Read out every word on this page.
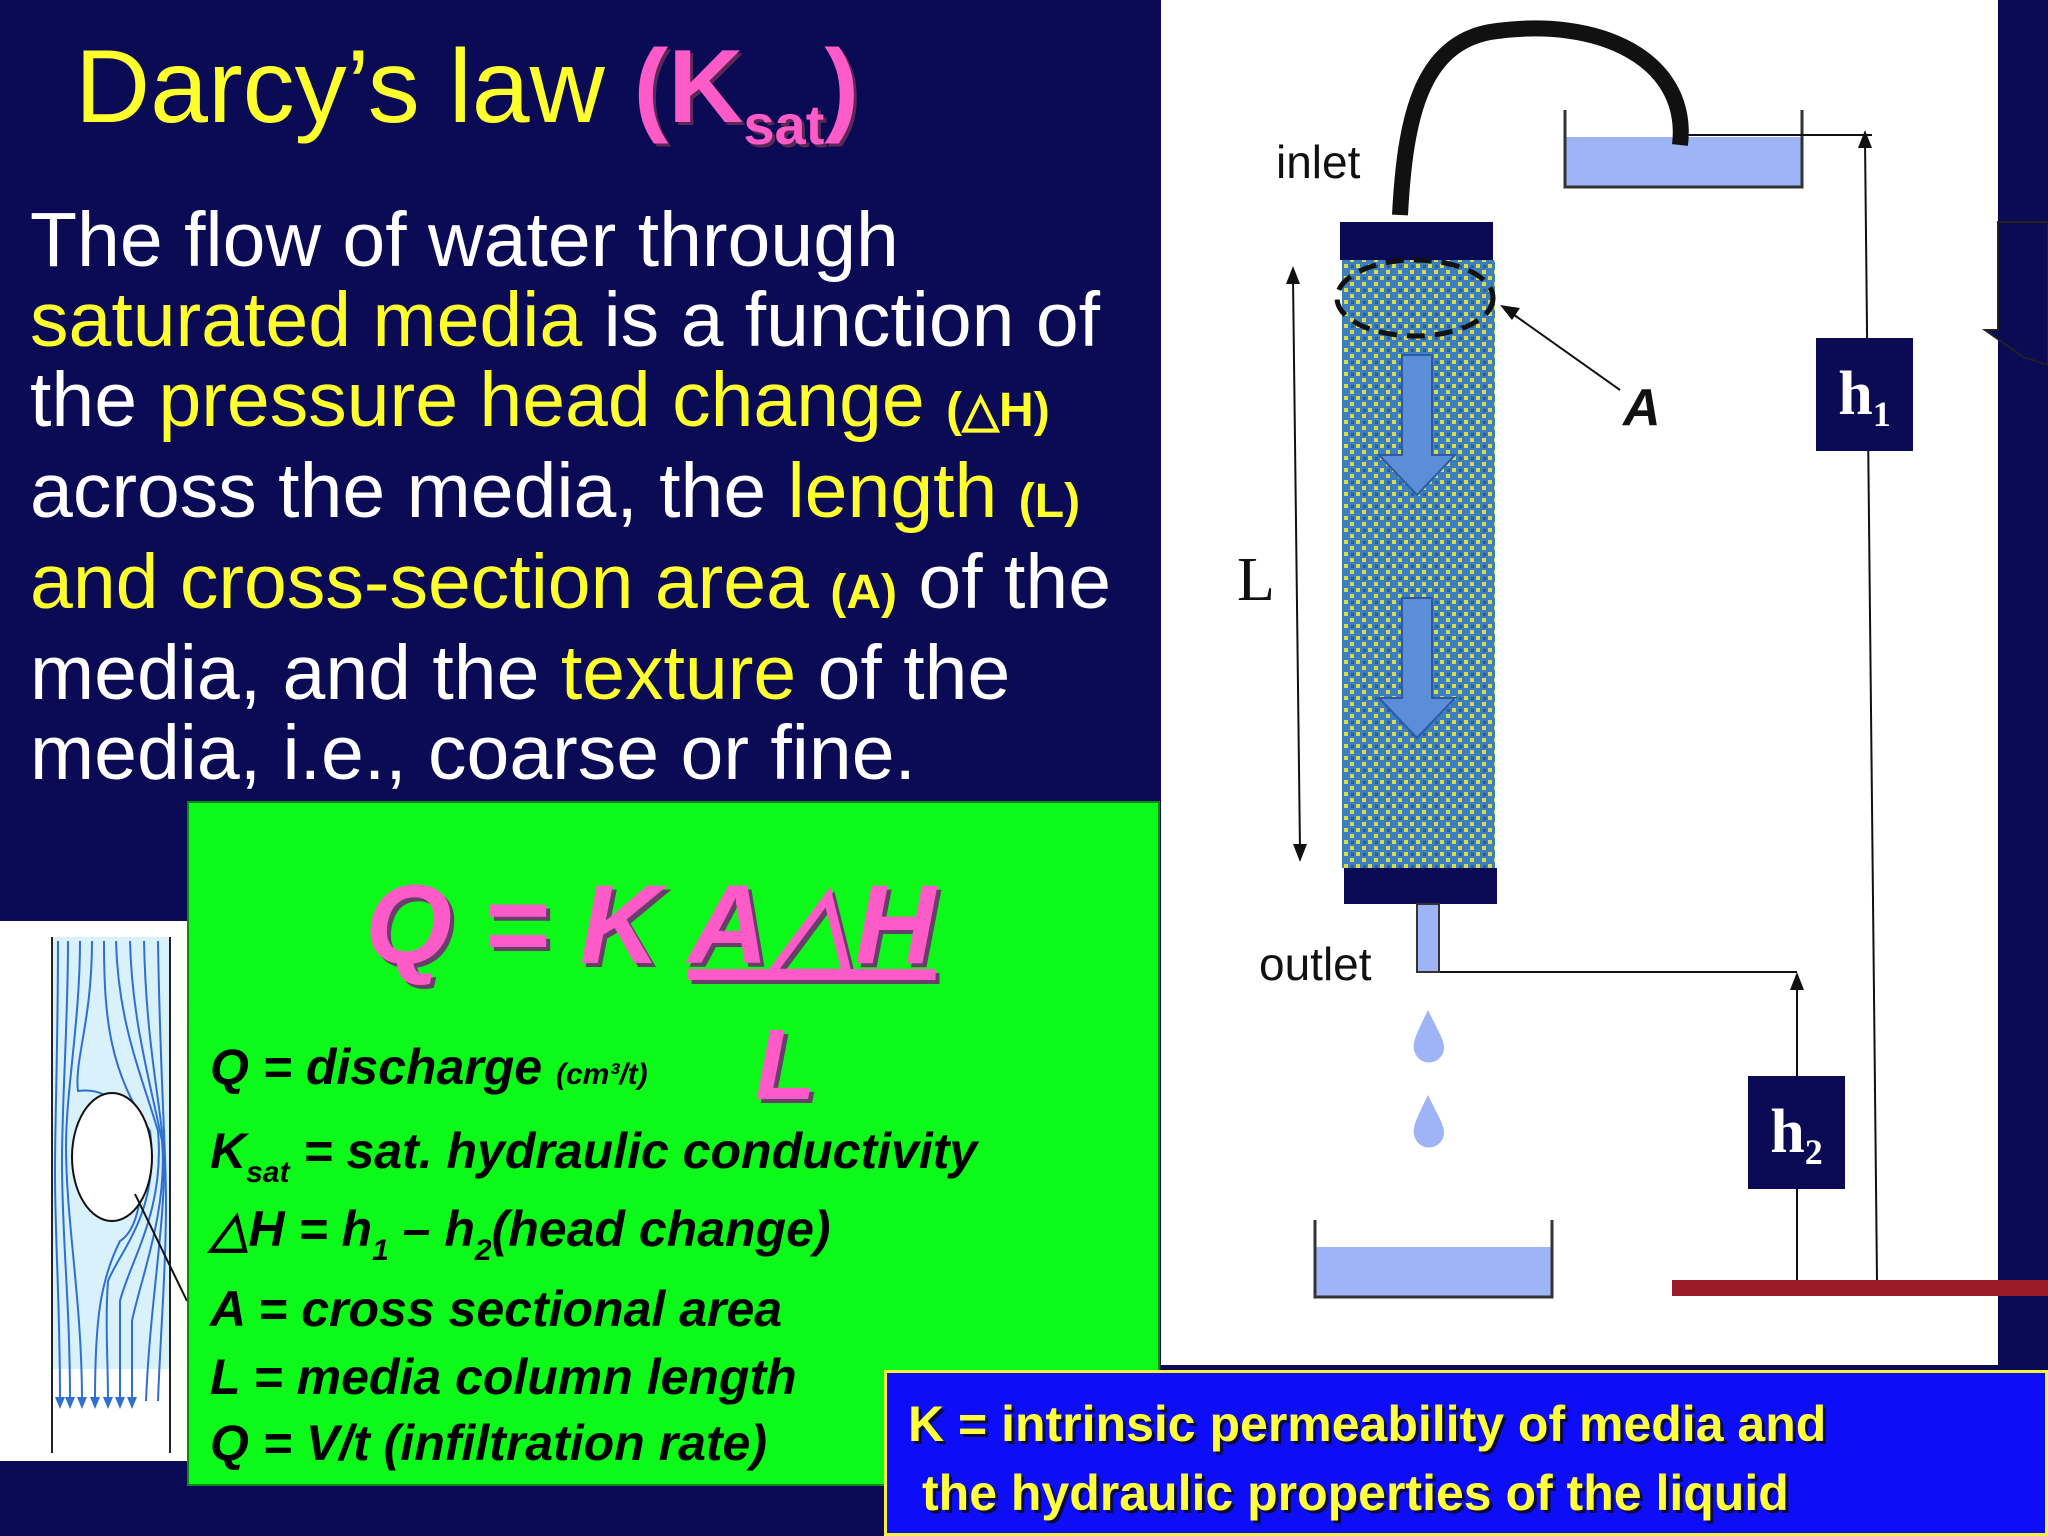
Darcy’s law $(K_{sat})$
The flow of water through saturated media is a function of the pressure head change (△H) across the media, the length (L)
and cross-section area (A) of the media, and the texture of the media, i.e., coarse or fine.
inlet
outlet
A
L
h1
h2
Q = K A△H
L
Q = discharge (cm³/t)
$K_{sat}$ = sat. hydraulic conductivity
△H = $h_1$ – $h_2(head$ change)
A = cross sectional area
L = media column length
Q = V/t (infiltration rate)	K = intrinsic permeability of media and
the hydraulic properties of the liquid
